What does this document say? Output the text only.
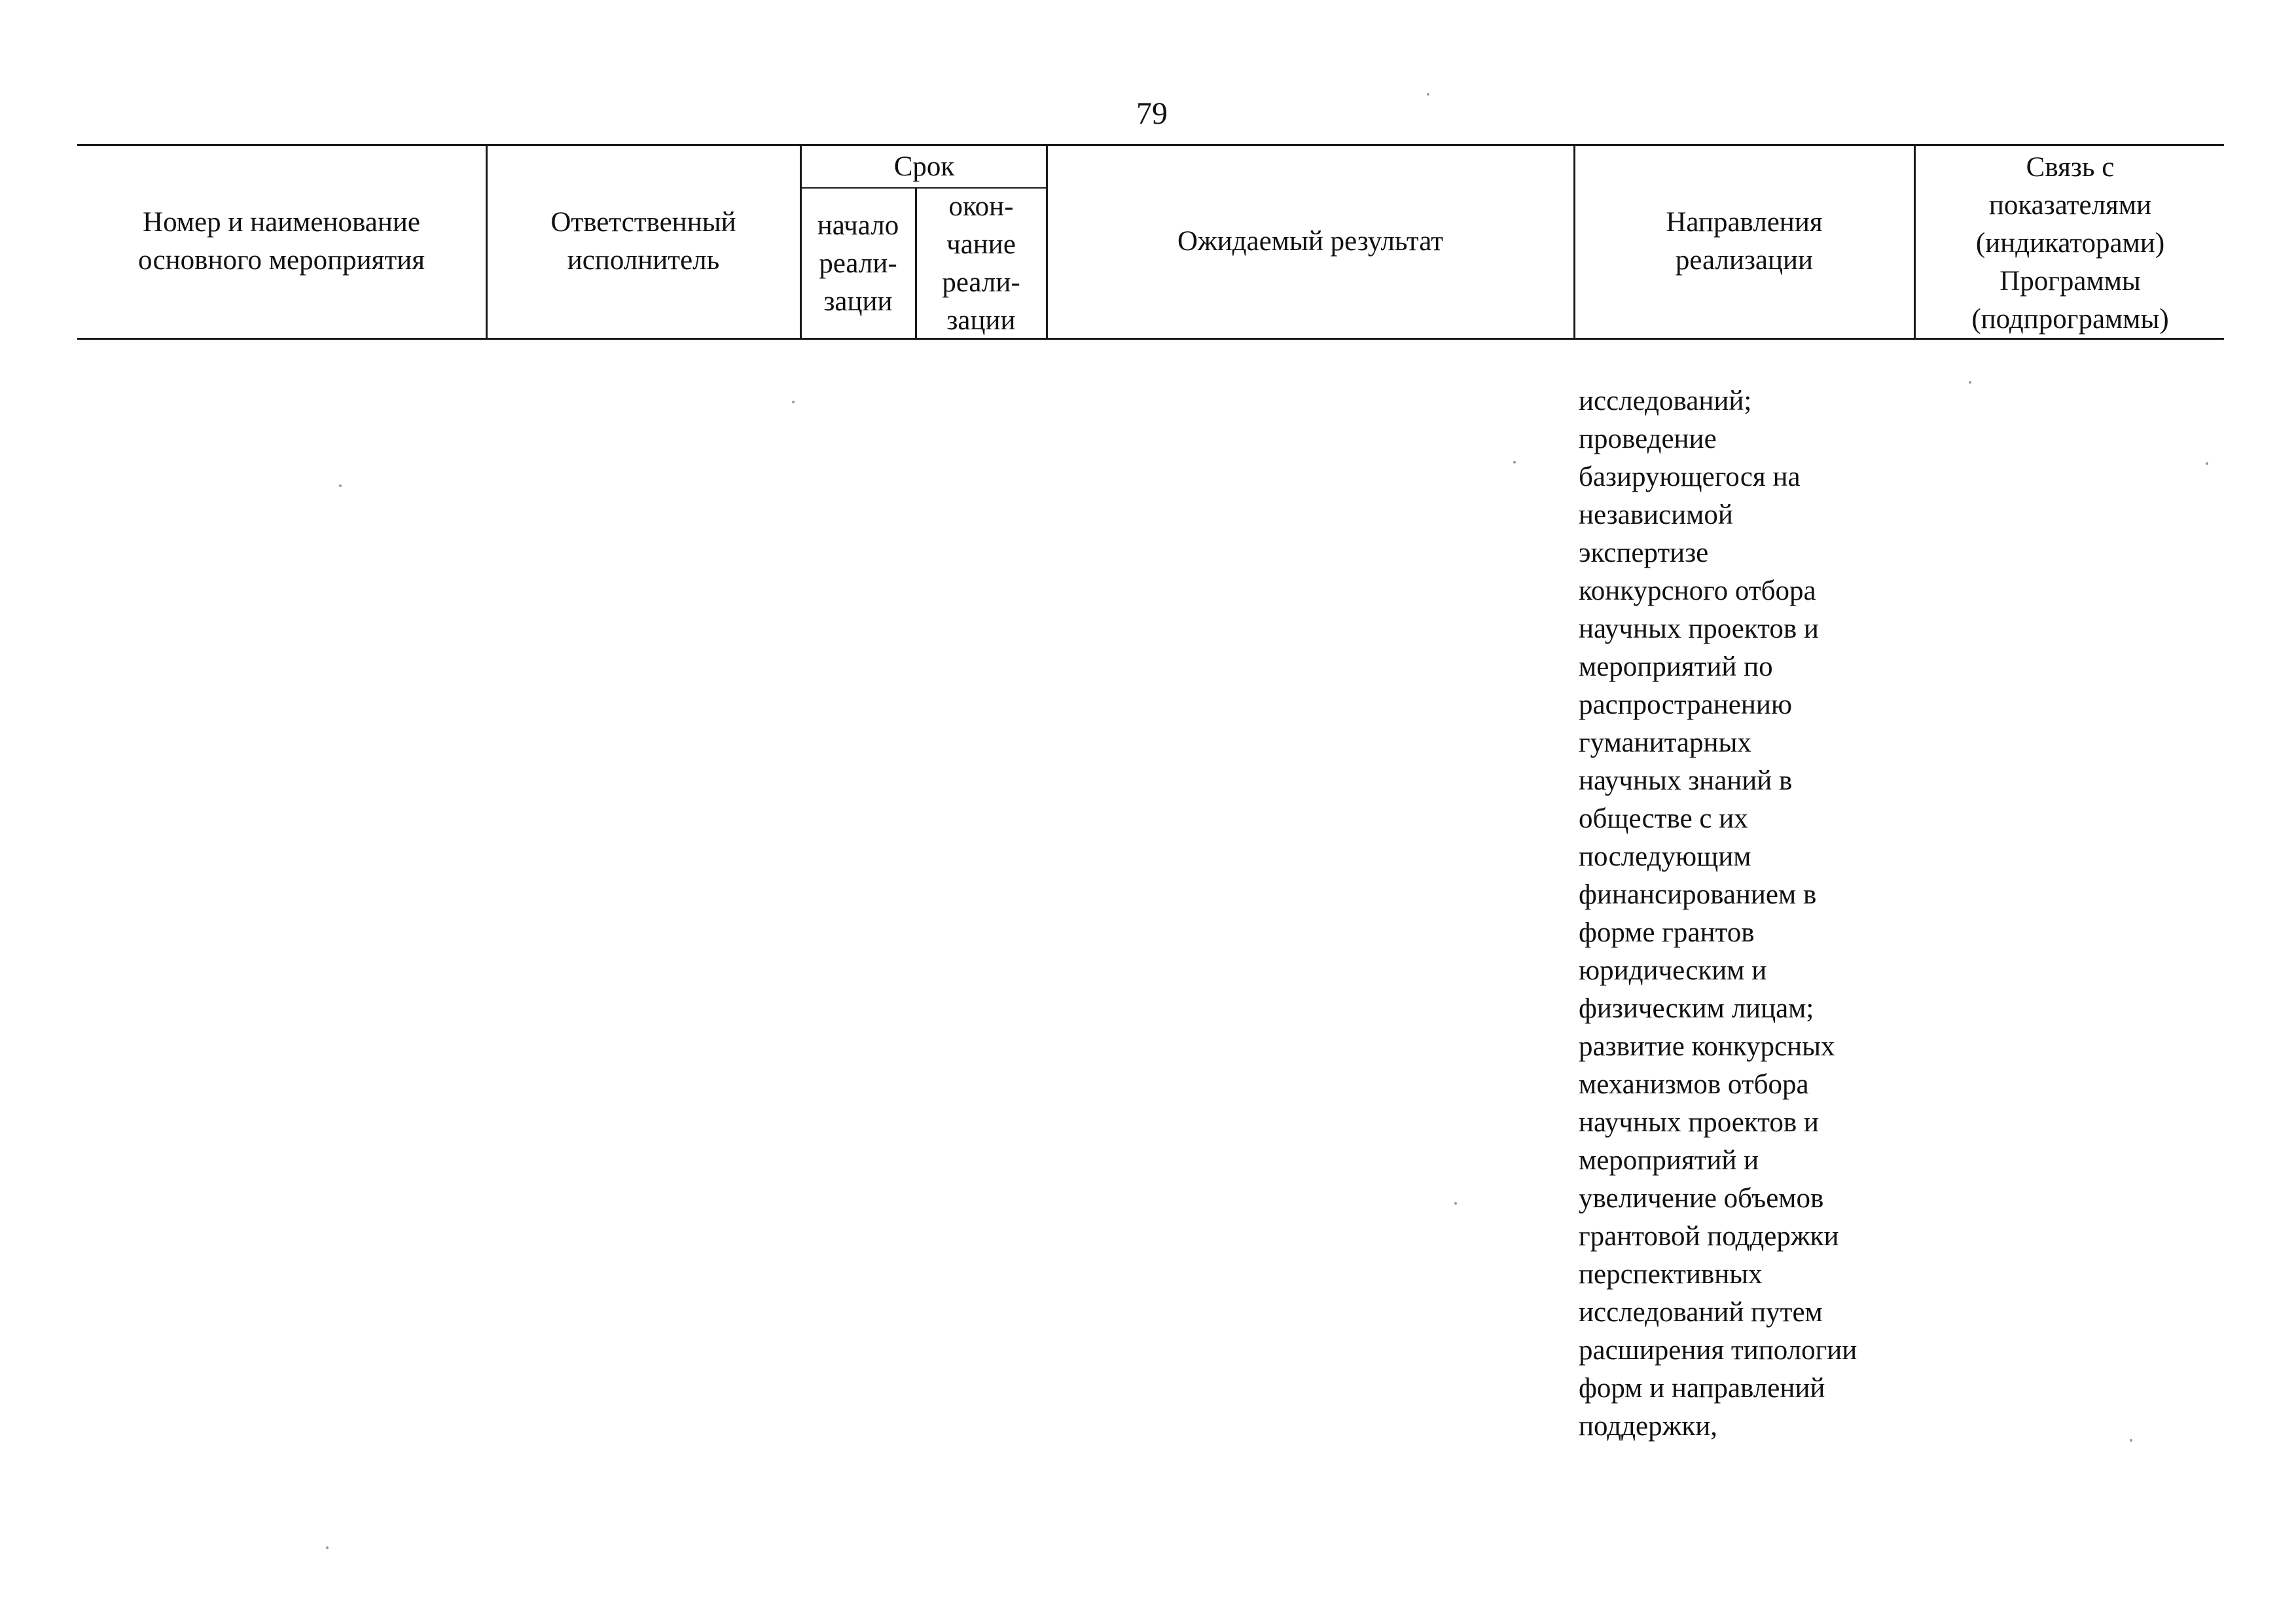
79
Номер и наименование
основного мероприятия
Ответственный
исполнитель
Срок
начало
реали-
зации
окон-
чание
реали-
зации
Ожидаемый результат
Направления
реализации
Связь с
показателями
(индикаторами)
Программы
(подпрограммы)
исследований;
проведение
базирующегося на
независимой
экспертизе
конкурсного отбора
научных проектов и
мероприятий по
распространению
гуманитарных
научных знаний в
обществе с их
последующим
финансированием в
форме грантов
юридическим и
физическим лицам;
развитие конкурсных
механизмов отбора
научных проектов и
мероприятий и
увеличение объемов
грантовой поддержки
перспективных
исследований путем
расширения типологии
форм и направлений
поддержки,
